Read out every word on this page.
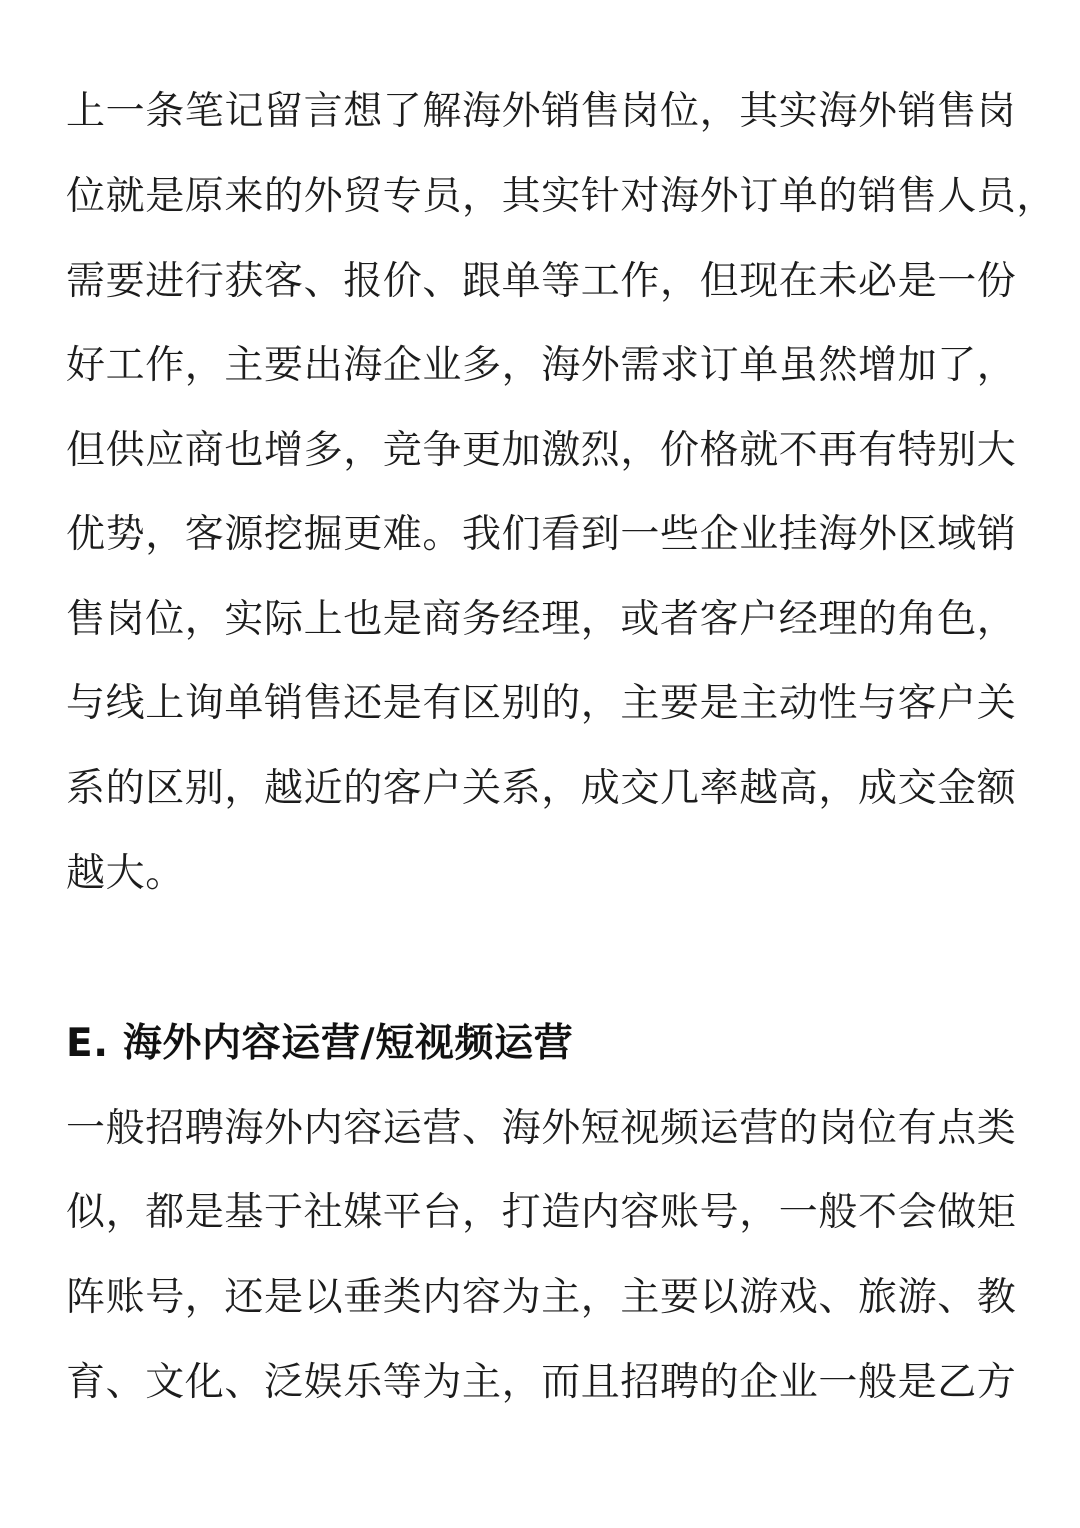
上一条笔记留言想了解海外销售岗位，其实海外销售岗
位就是原来的外贸专员，其实针对海外订单的销售人员，
需要进行获客、报价、跟单等工作，但现在未必是一份
好工作，主要出海企业多，海外需求订单虽然增加了，
但供应商也增多，竞争更加激烈，价格就不再有特别大
优势，客源挖掘更难。我们看到一些企业挂海外区域销
售岗位，实际上也是商务经理，或者客户经理的角色，
与线上询单销售还是有区别的，主要是主动性与客户关
系的区别，越近的客户关系，成交几率越高，成交金额
越大。
E. 海外内容运营/短视频运营
一般招聘海外内容运营、海外短视频运营的岗位有点类
似，都是基于社媒平台，打造内容账号，一般不会做矩
阵账号，还是以垂类内容为主，主要以游戏、旅游、教
育、文化、泛娱乐等为主，而且招聘的企业一般是乙方
